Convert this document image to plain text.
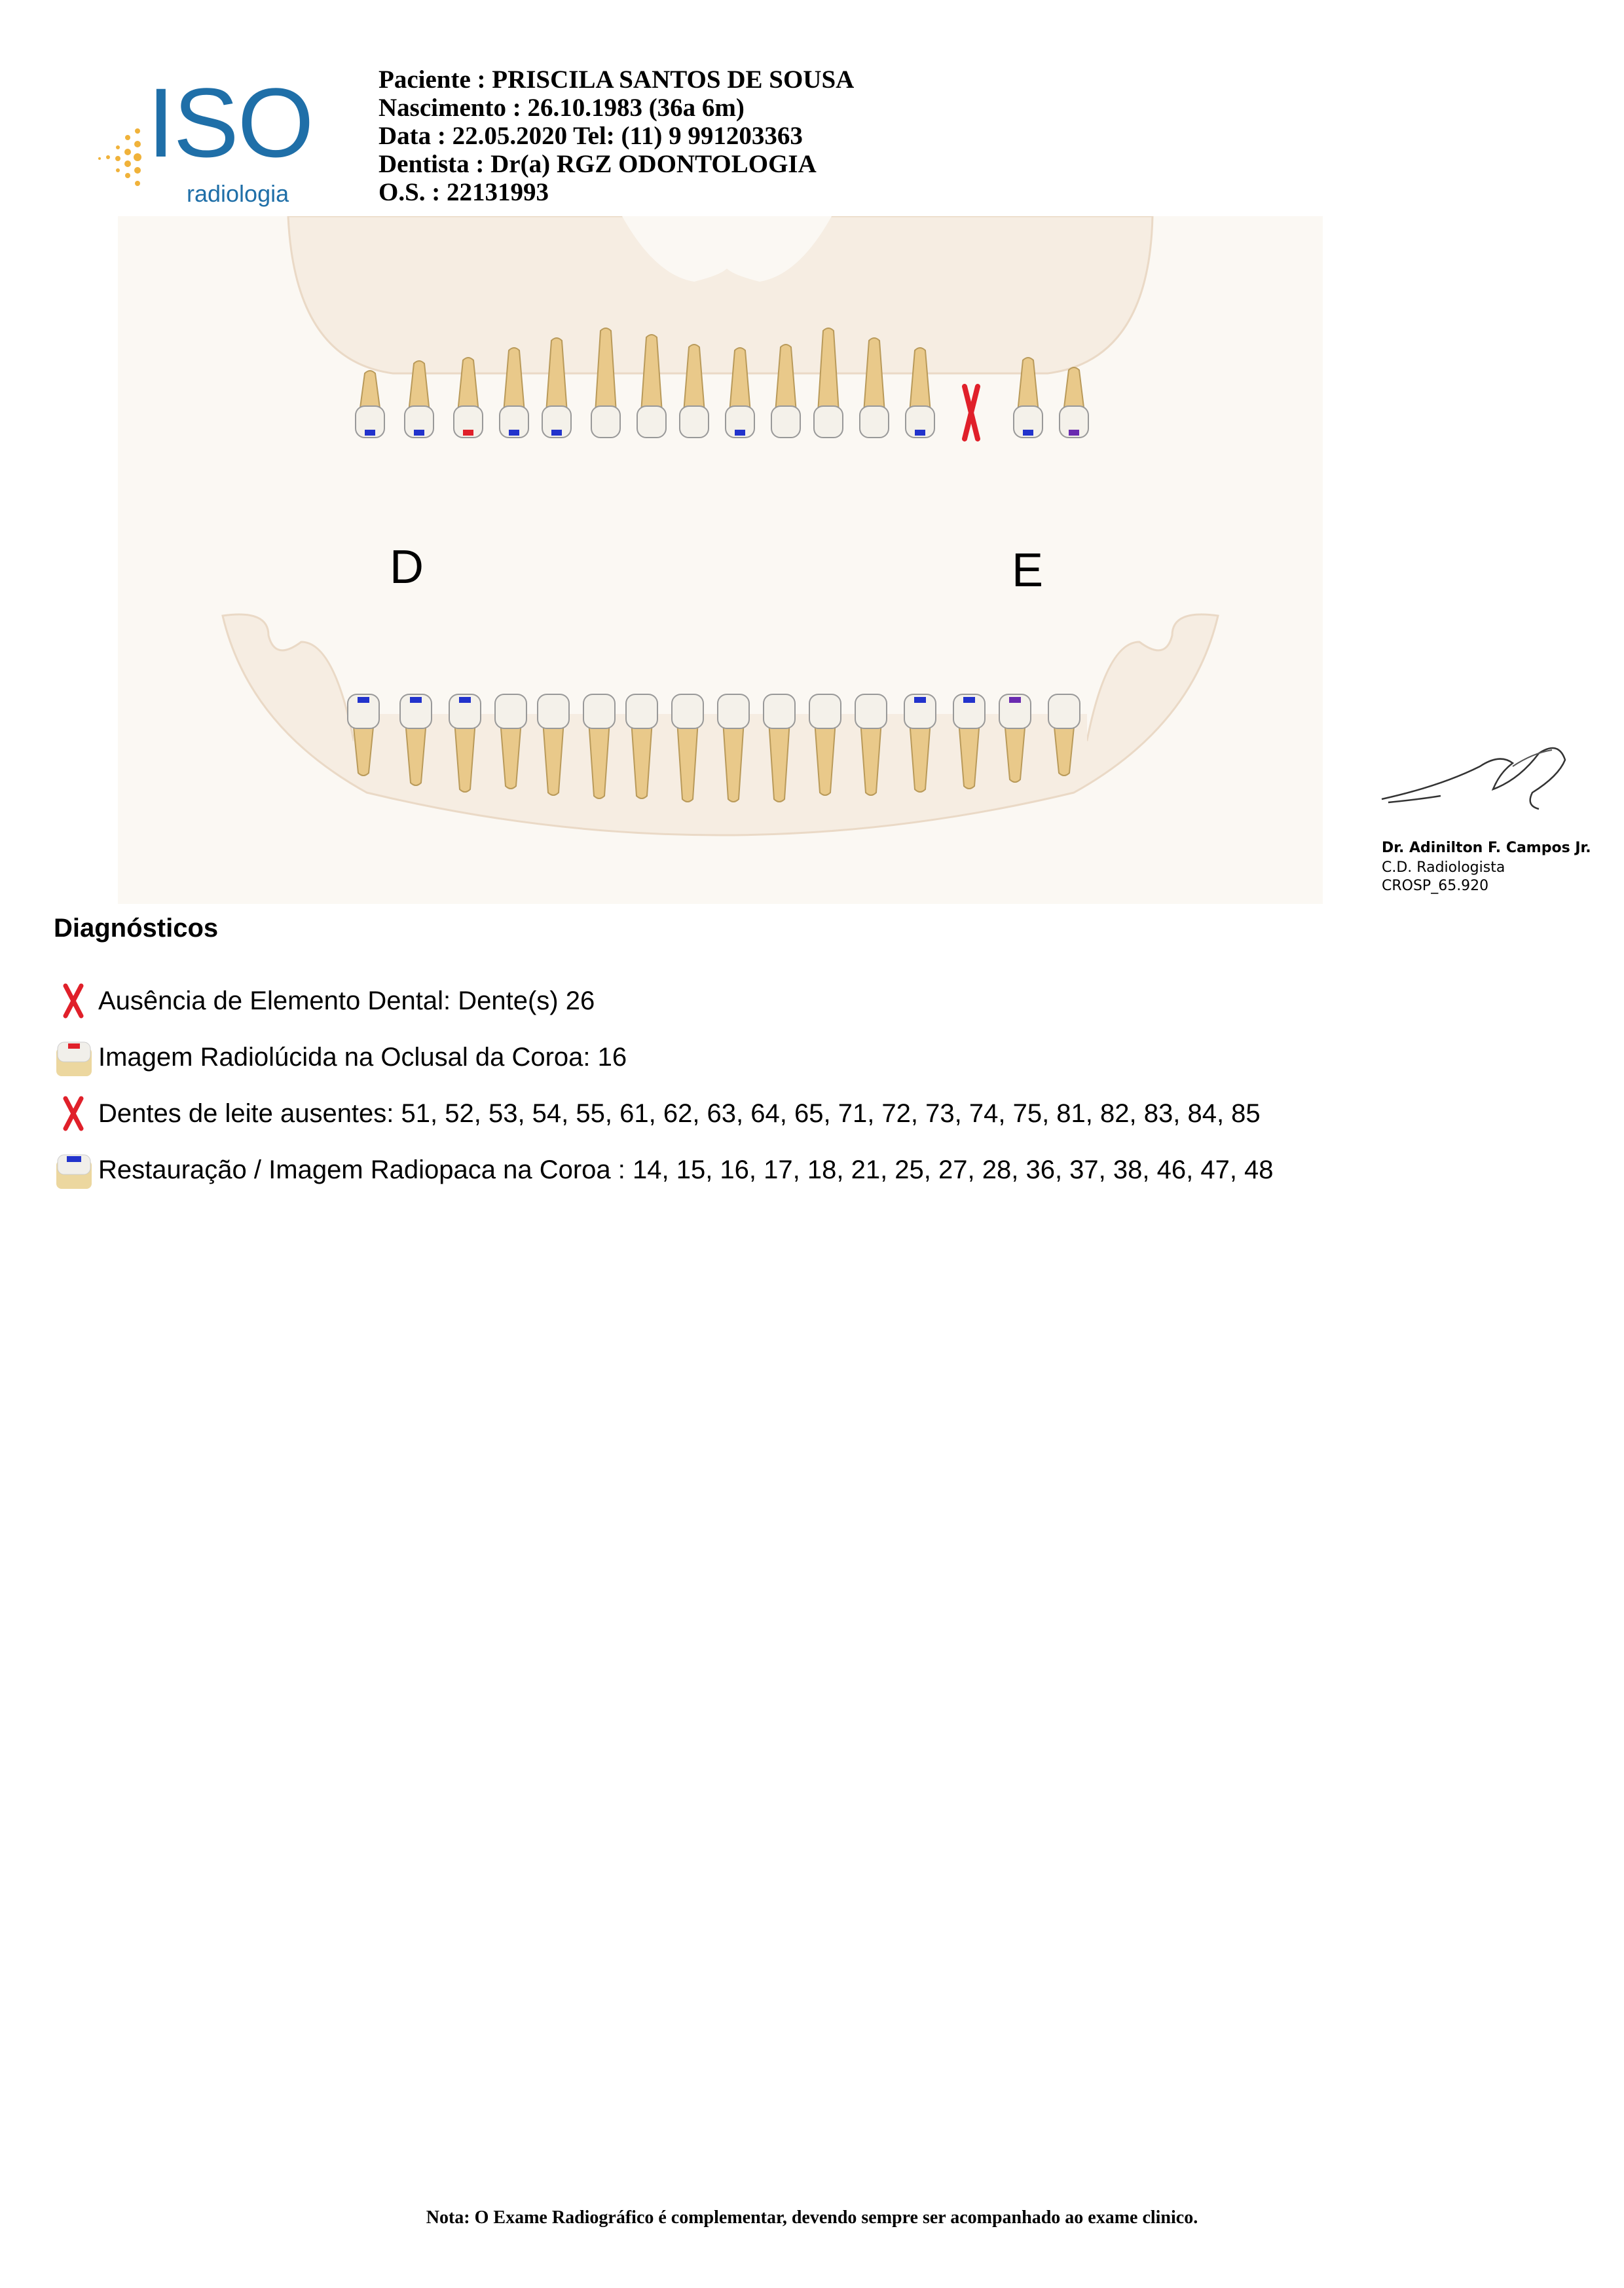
ISO
radiologia
Paciente : PRISCILA SANTOS DE SOUSA
Nascimento : 26.10.1983 (36a 6m)
Data : 22.05.2020 Tel: (11) 9 991203363
Dentista : Dr(a) RGZ ODONTOLOGIA
O.S. : 22131993
D	E
Dr. Adinilton F. Campos Jr.
C.D. Radiologista
CROSP_65.920
Diagnósticos
Ausência de Elemento Dental: Dente(s) 26
Imagem Radiolúcida na Oclusal da Coroa: 16
Dentes de leite ausentes: 51, 52, 53, 54, 55, 61, 62, 63, 64, 65, 71, 72, 73, 74, 75, 81, 82, 83, 84, 85
Restauração / Imagem Radiopaca na Coroa : 14, 15, 16, 17, 18, 21, 25, 27, 28, 36, 37, 38, 46, 47, 48
Nota: O Exame Radiográfico é complementar, devendo sempre ser acompanhado ao exame clinico.
